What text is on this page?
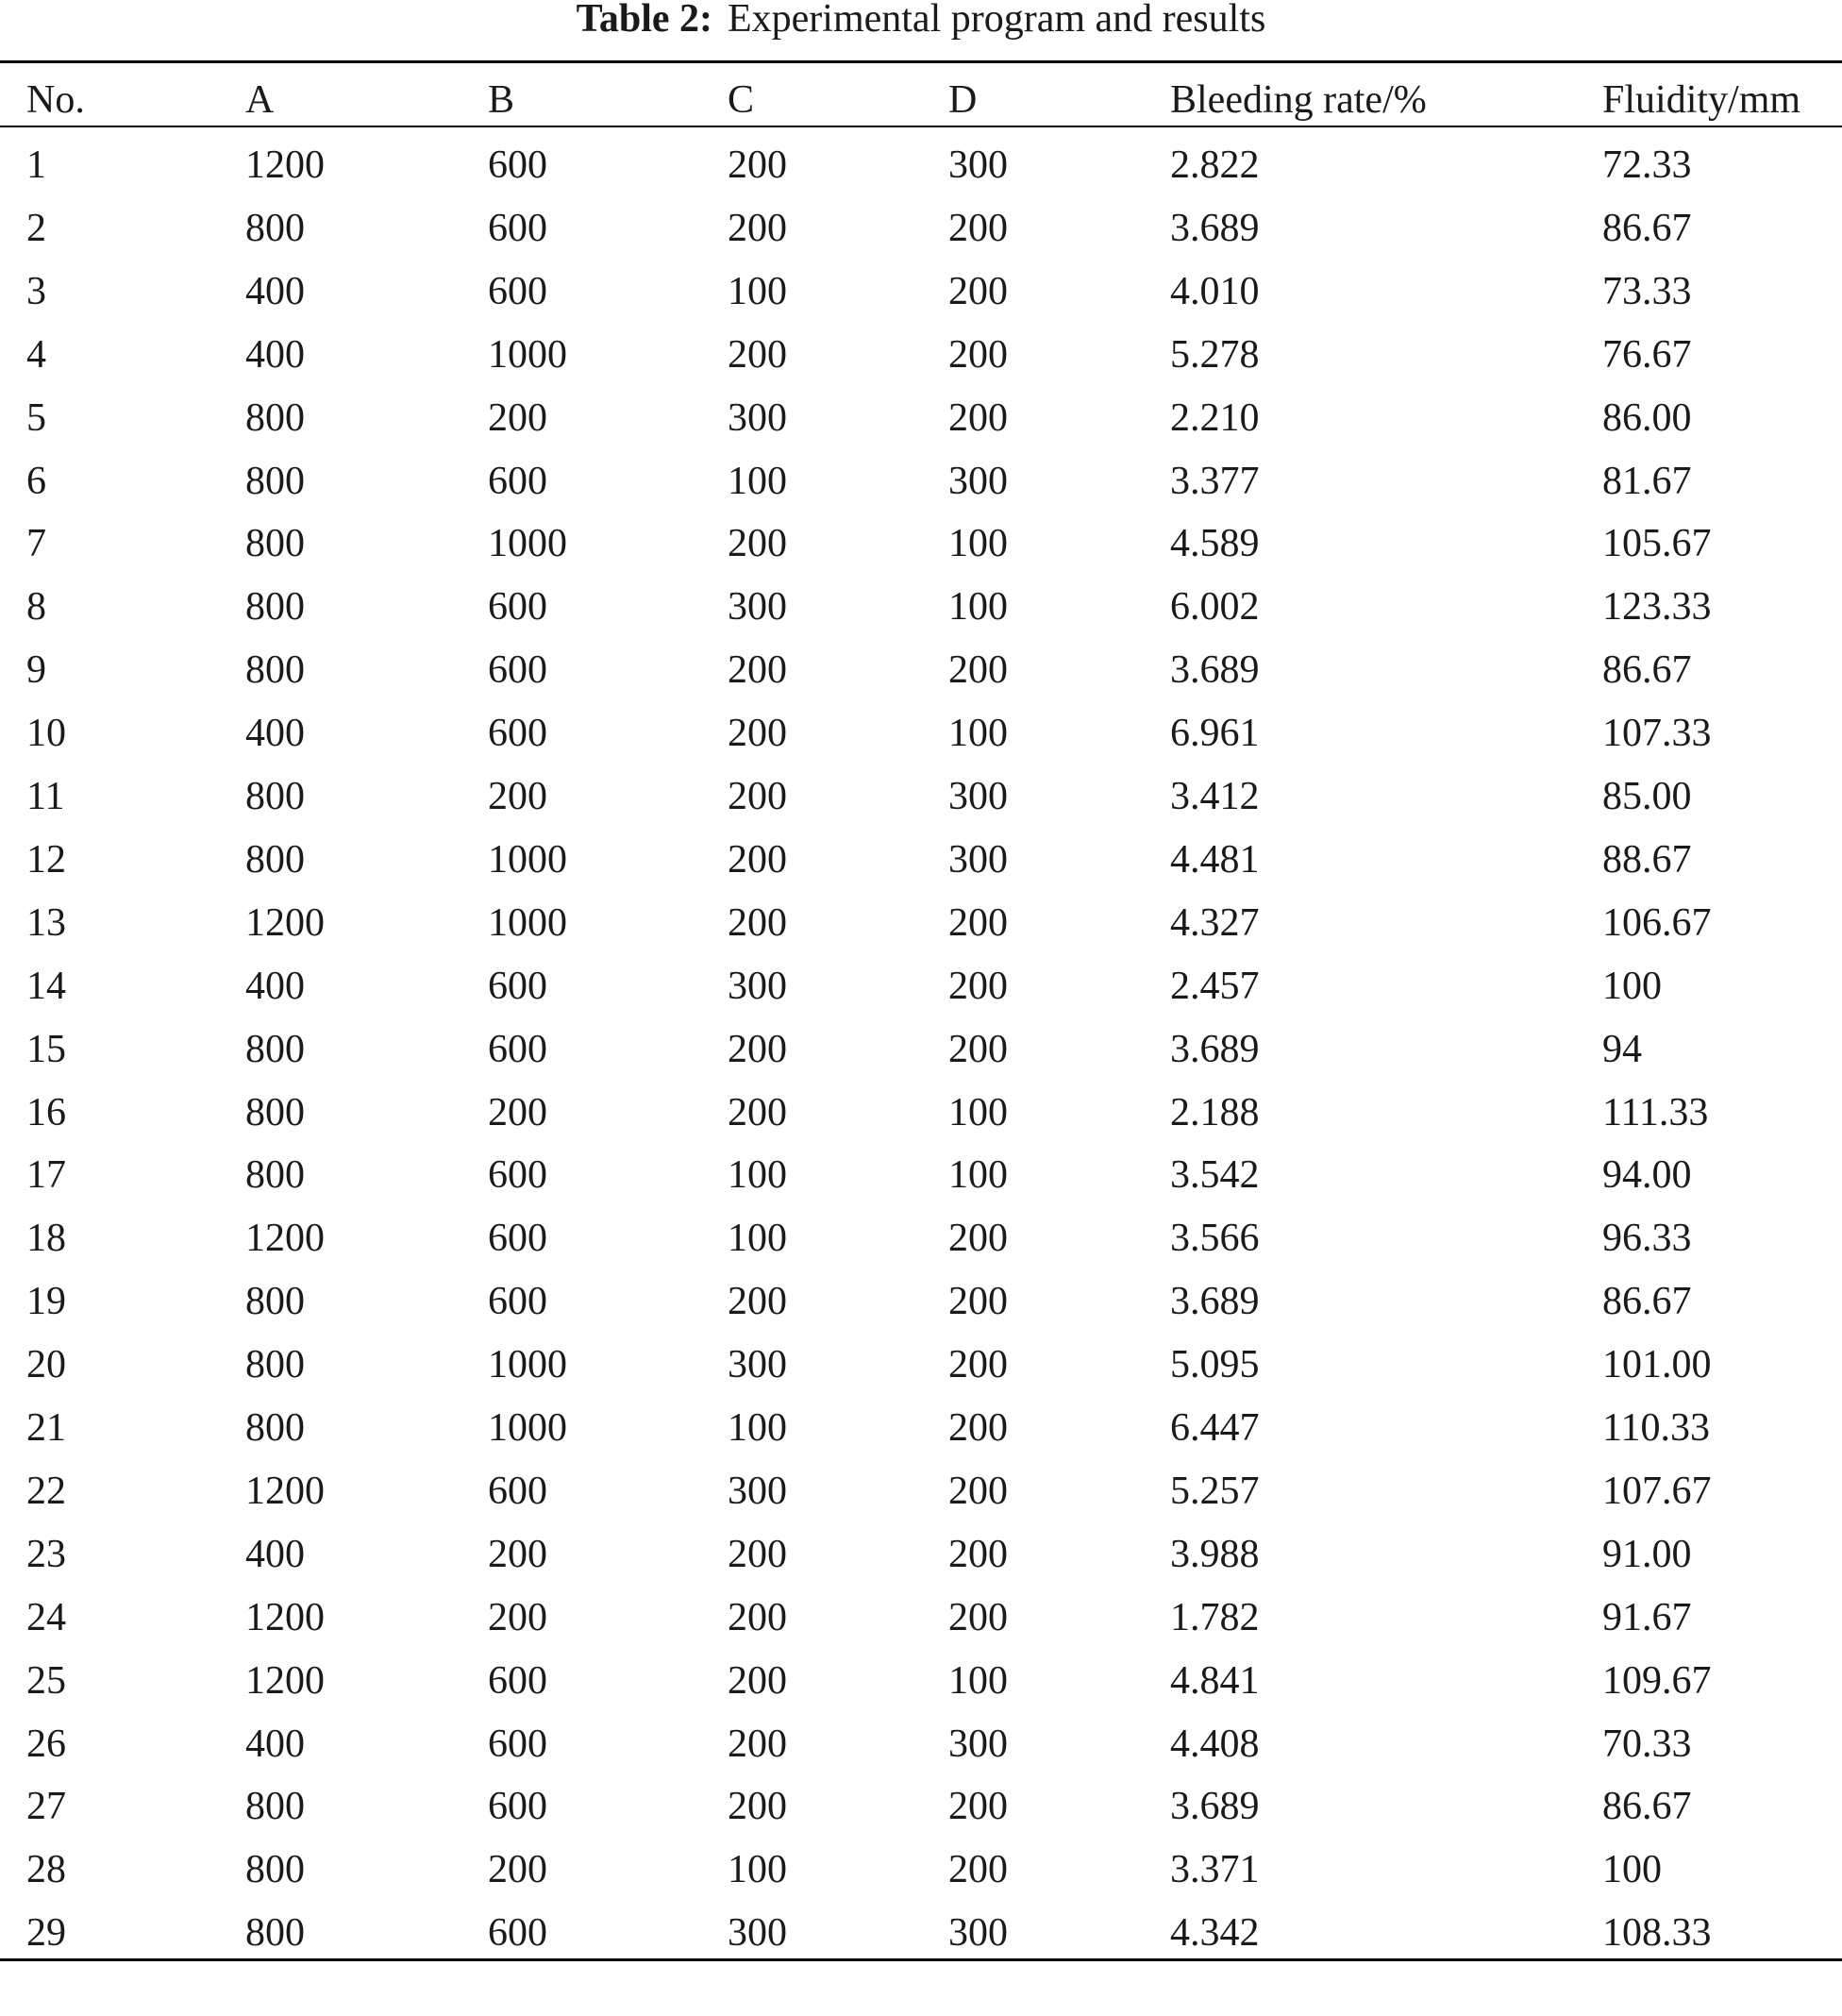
Table 2: Experimental program and results
No.	A	B	C	D	Bleeding rate/%	Fluidity/mm
1	1200	600	200	300	2.822	72.33
2	800	600	200	200	3.689	86.67
3	400	600	100	200	4.010	73.33
4	400	1000	200	200	5.278	76.67
5	800	200	300	200	2.210	86.00
6	800	600	100	300	3.377	81.67
7	800	1000	200	100	4.589	105.67
8	800	600	300	100	6.002	123.33
9	800	600	200	200	3.689	86.67
10	400	600	200	100	6.961	107.33
11	800	200	200	300	3.412	85.00
12	800	1000	200	300	4.481	88.67
13	1200	1000	200	200	4.327	106.67
14	400	600	300	200	2.457	100
15	800	600	200	200	3.689	94
16	800	200	200	100	2.188	111.33
17	800	600	100	100	3.542	94.00
18	1200	600	100	200	3.566	96.33
19	800	600	200	200	3.689	86.67
20	800	1000	300	200	5.095	101.00
21	800	1000	100	200	6.447	110.33
22	1200	600	300	200	5.257	107.67
23	400	200	200	200	3.988	91.00
24	1200	200	200	200	1.782	91.67
25	1200	600	200	100	4.841	109.67
26	400	600	200	300	4.408	70.33
27	800	600	200	200	3.689	86.67
28	800	200	100	200	3.371	100
29	800	600	300	300	4.342	108.33
